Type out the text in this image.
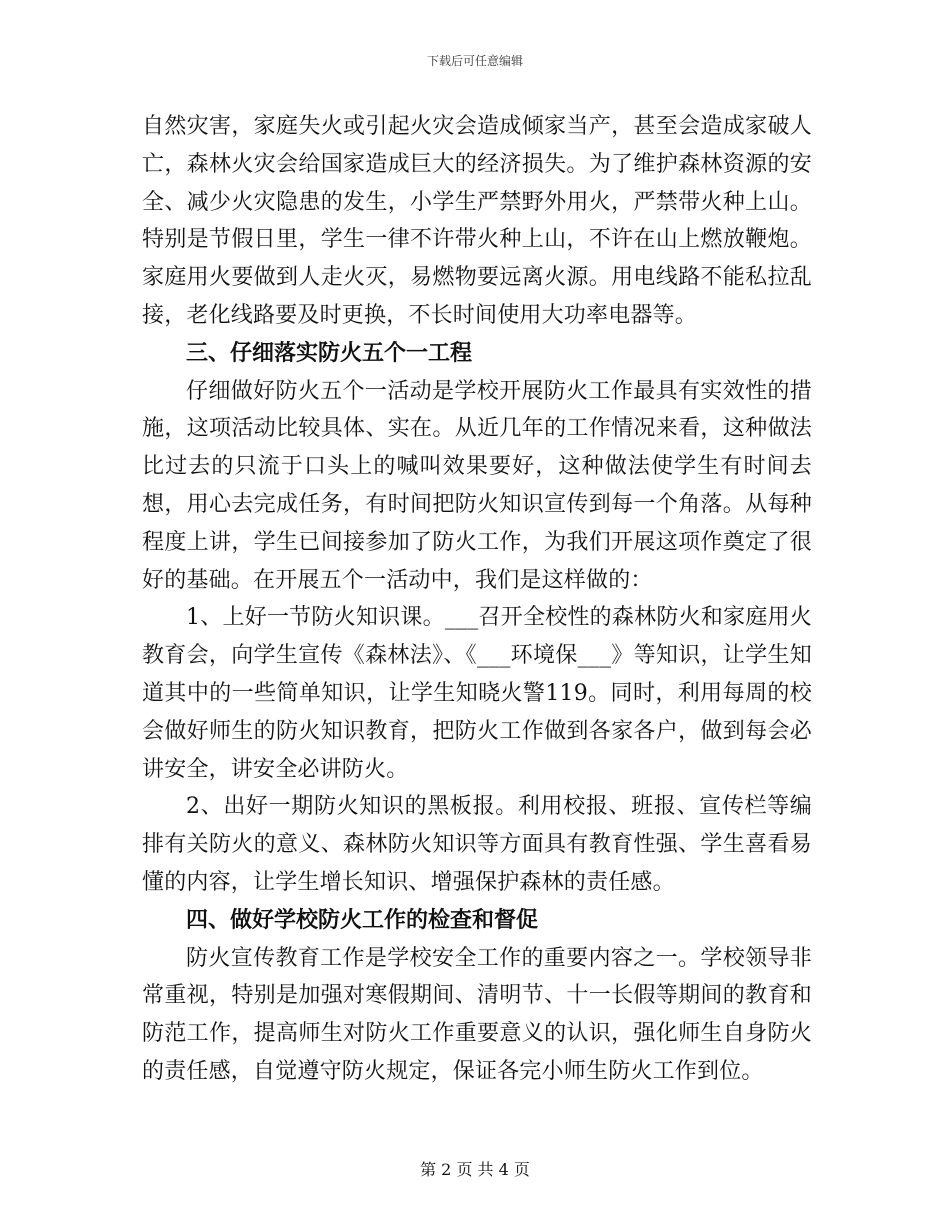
下载后可任意编辑

自然灾害，家庭失火或引起火灾会造成倾家当产，甚至会造成家破人亡，森林火灾会给国家造成巨大的经济损失。为了维护森林资源的安全、减少火灾隐患的发生，小学生严禁野外用火，严禁带火种上山。特别是节假日里，学生一律不许带火种上山，不许在山上燃放鞭炮。家庭用火要做到人走火灭，易燃物要远离火源。用电线路不能私拉乱接，老化线路要及时更换，不长时间使用大功率电器等。

三、仔细落实防火五个一工程

仔细做好防火五个一活动是学校开展防火工作最具有实效性的措施，这项活动比较具体、实在。从近几年的工作情况来看，这种做法比过去的只流于口头上的喊叫效果要好，这种做法使学生有时间去想，用心去完成任务，有时间把防火知识宣传到每一个角落。从每种程度上讲，学生已间接参加了防火工作，为我们开展这项作奠定了很好的基础。在开展五个一活动中，我们是这样做的：

1、上好一节防火知识课。___召开全校性的森林防火和家庭用火教育会，向学生宣传《森林法》、《___环境保___》等知识，让学生知道其中的一些简单知识，让学生知晓火警119。同时，利用每周的校会做好师生的防火知识教育，把防火工作做到各家各户，做到每会必讲安全，讲安全必讲防火。

2、出好一期防火知识的黑板报。利用校报、班报、宣传栏等编排有关防火的意义、森林防火知识等方面具有教育性强、学生喜看易懂的内容，让学生增长知识、增强保护森林的责任感。

四、做好学校防火工作的检查和督促

防火宣传教育工作是学校安全工作的重要内容之一。学校领导非常重视，特别是加强对寒假期间、清明节、十一长假等期间的教育和防范工作，提高师生对防火工作重要意义的认识，强化师生自身防火的责任感，自觉遵守防火规定，保证各完小师生防火工作到位。

第 2 页 共 4 页
